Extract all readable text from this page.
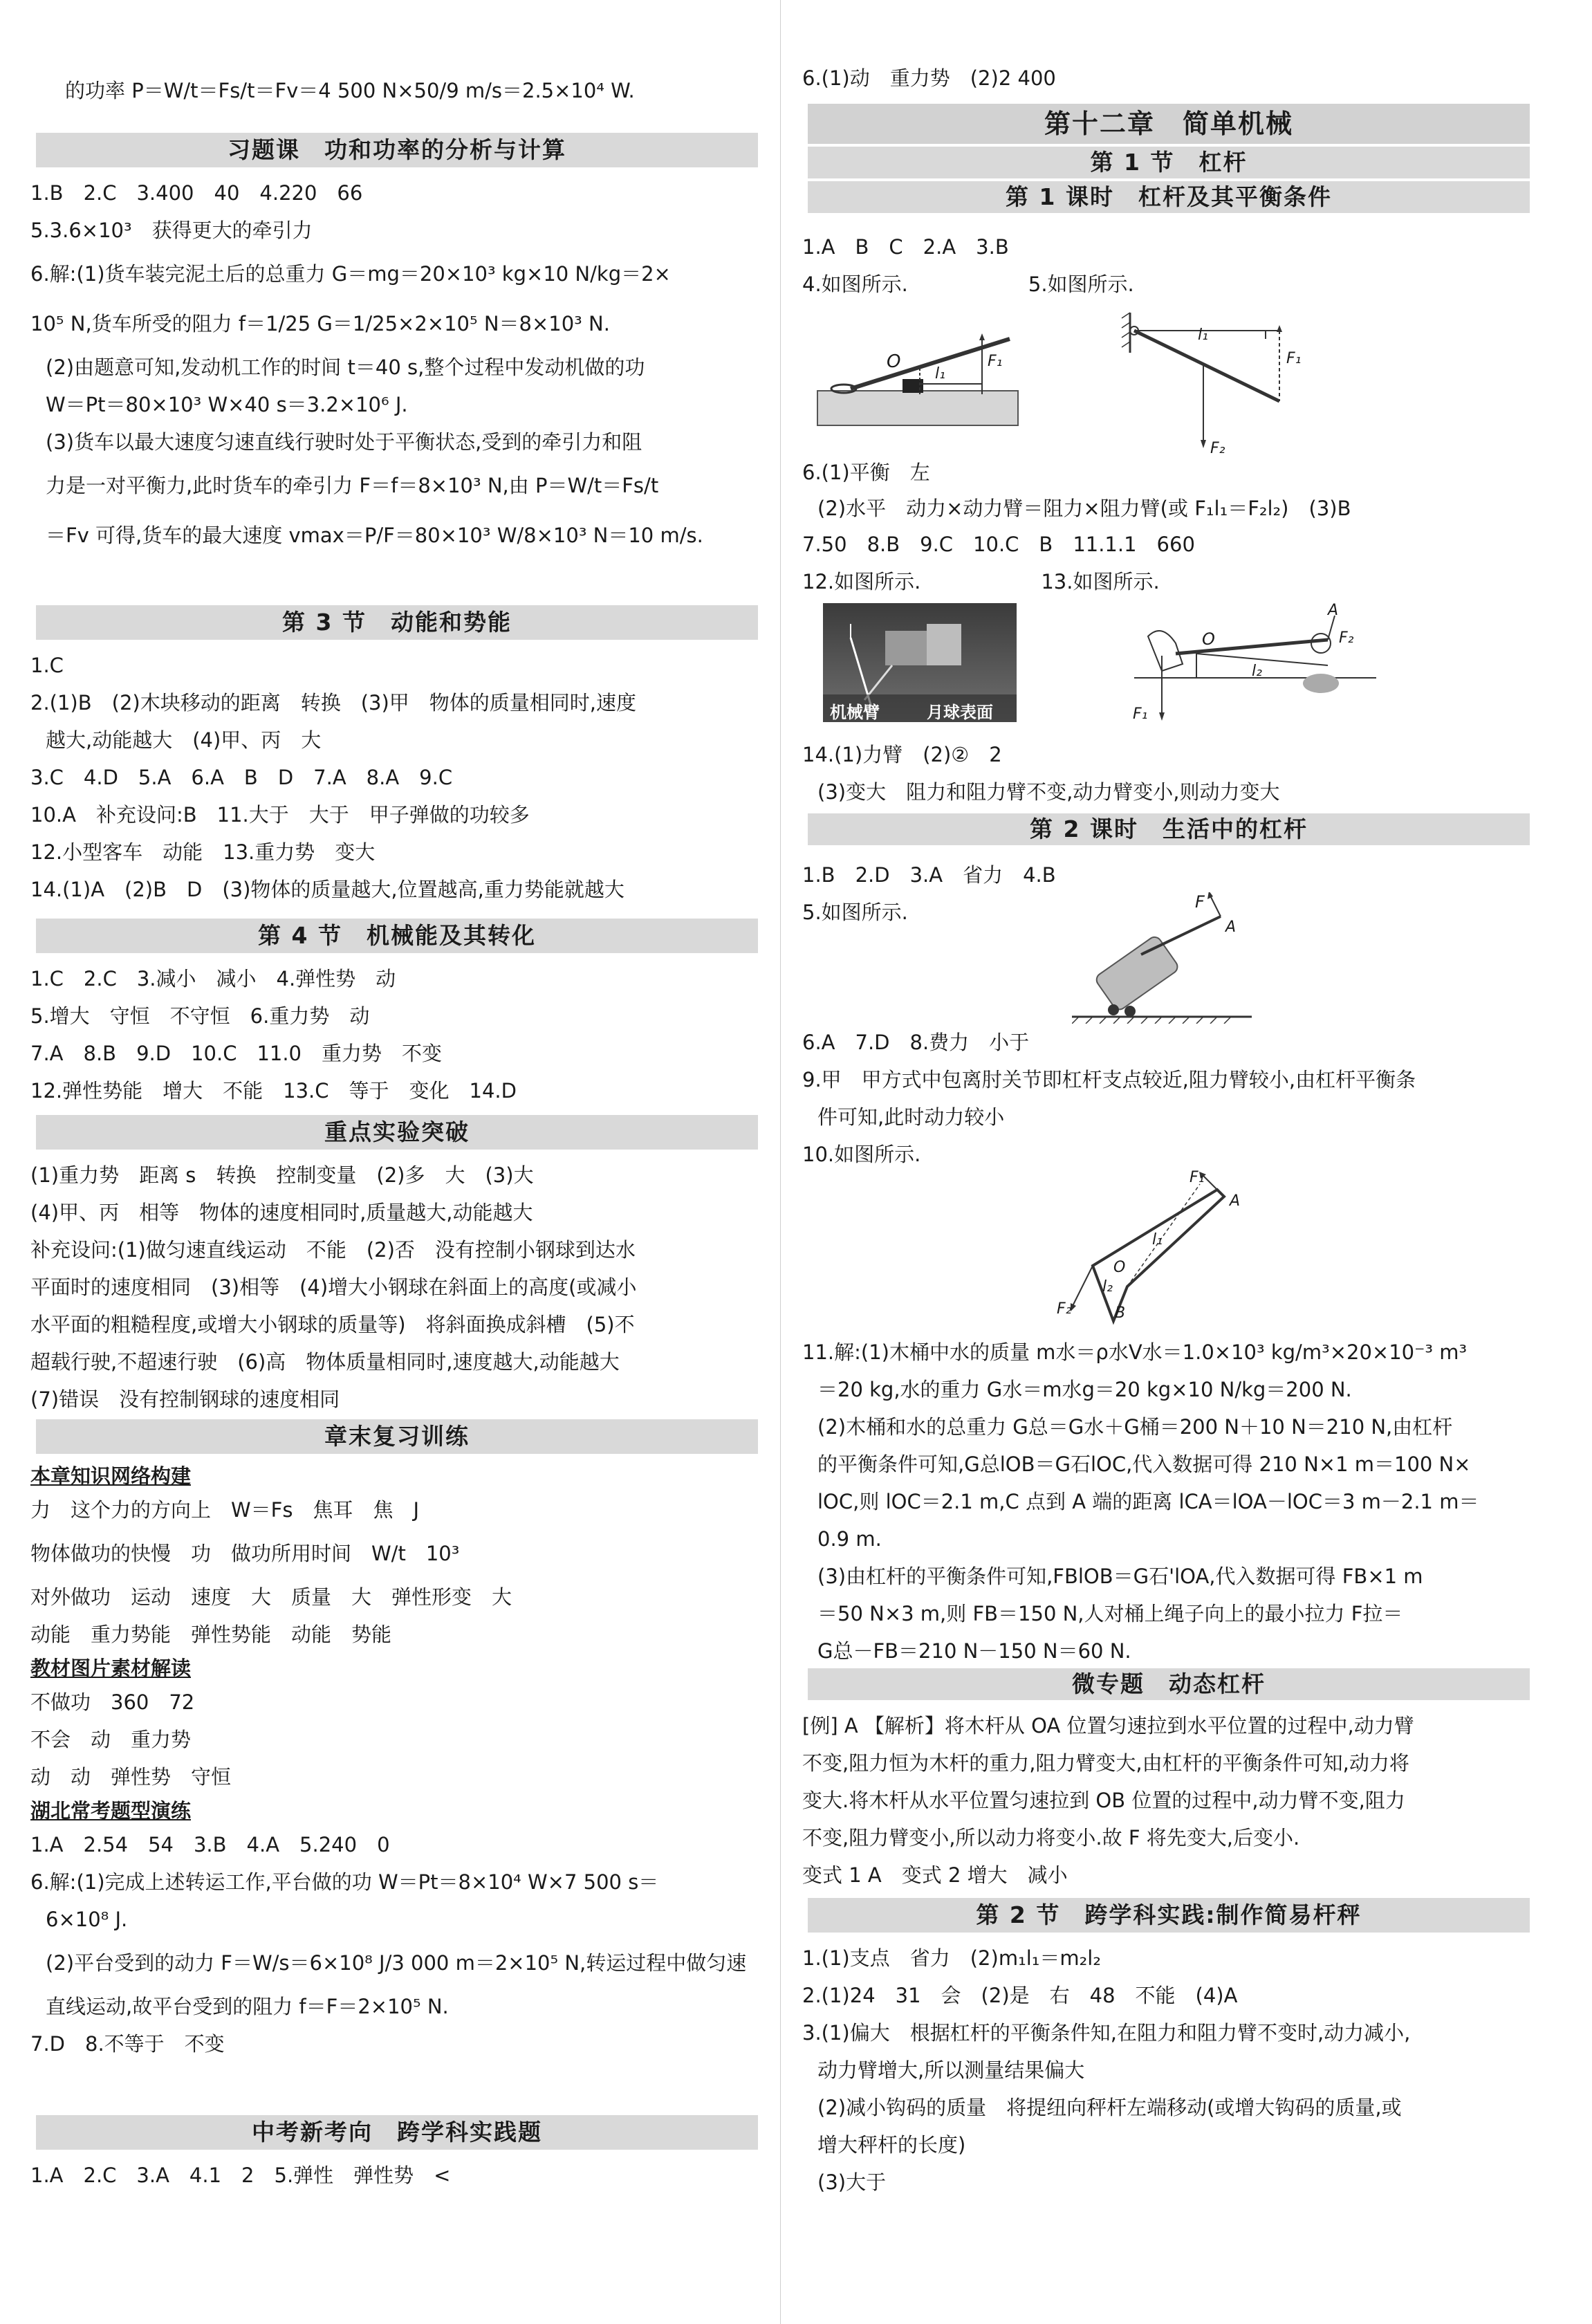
的功率 P＝W/t＝Fs/t＝Fv＝4 500 N×50/9 m/s＝2.5×10⁴ W.
习题课　功和功率的分析与计算
1.B　2.C　3.400　40　4.220　66
5.3.6×10³　获得更大的牵引力
6.解:(1)货车装完泥土后的总重力 G＝mg＝20×10³ kg×10 N/kg＝2×
10⁵ N,货车所受的阻力 f＝1/25 G＝1/25×2×10⁵ N＝8×10³ N.
(2)由题意可知,发动机工作的时间 t＝40 s,整个过程中发动机做的功
W＝Pt＝80×10³ W×40 s＝3.2×10⁶ J.
(3)货车以最大速度匀速直线行驶时处于平衡状态,受到的牵引力和阻
力是一对平衡力,此时货车的牵引力 F＝f＝8×10³ N,由 P＝W/t＝Fs/t
＝Fv 可得,货车的最大速度 vmax＝P/F＝80×10³ W/8×10³ N＝10 m/s.
第 3 节　动能和势能
1.C
2.(1)B　(2)木块移动的距离　转换　(3)甲　物体的质量相同时,速度
越大,动能越大　(4)甲、丙　大
3.C　4.D　5.A　6.A　B　D　7.A　8.A　9.C
10.A　补充设问:B　11.大于　大于　甲子弹做的功较多
12.小型客车　动能　13.重力势　变大
14.(1)A　(2)B　D　(3)物体的质量越大,位置越高,重力势能就越大
第 4 节　机械能及其转化
1.C　2.C　3.减小　减小　4.弹性势　动
5.增大　守恒　不守恒　6.重力势　动
7.A　8.B　9.D　10.C　11.0　重力势　不变
12.弹性势能　增大　不能　13.C　等于　变化　14.D
重点实验突破
(1)重力势　距离 s　转换　控制变量　(2)多　大　(3)大
(4)甲、丙　相等　物体的速度相同时,质量越大,动能越大
补充设问:(1)做匀速直线运动　不能　(2)否　没有控制小钢球到达水
平面时的速度相同　(3)相等　(4)增大小钢球在斜面上的高度(或减小
水平面的粗糙程度,或增大小钢球的质量等)　将斜面换成斜槽　(5)不
超载行驶,不超速行驶　(6)高　物体质量相同时,速度越大,动能越大
(7)错误　没有控制钢球的速度相同
章末复习训练
本章知识网络构建
力　这个力的方向上　W＝Fs　焦耳　焦　J
物体做功的快慢　功　做功所用时间　W/t　10³
对外做功　运动　速度　大　质量　大　弹性形变　大
动能　重力势能　弹性势能　动能　势能
教材图片素材解读
不做功　360　72
不会　动　重力势
动　动　弹性势　守恒
湖北常考题型演练
1.A　2.54　54　3.B　4.A　5.240　0
6.解:(1)完成上述转运工作,平台做的功 W＝Pt＝8×10⁴ W×7 500 s＝
6×10⁸ J.
(2)平台受到的动力 F＝W/s＝6×10⁸ J/3 000 m＝2×10⁵ N,转运过程中做匀速
直线运动,故平台受到的阻力 f＝F＝2×10⁵ N.
7.D　8.不等于　不变
中考新考向　跨学科实践题
1.A　2.C　3.A　4.1　2　5.弹性　弹性势　<
6.(1)动　重力势　(2)2 400
第十二章　简单机械
第 1 节　杠杆
第 1 课时　杠杆及其平衡条件
1.A　B　C　2.A　3.B
4.如图所示.　　　　　　5.如图所示.
O
l₁
F₁
l₁
F₁
F₂
6.(1)平衡　左
(2)水平　动力×动力臂＝阻力×阻力臂(或 F₁l₁＝F₂l₂)　(3)B
7.50　8.B　9.C　10.C　B　11.1.1　660
12.如图所示.　　　　　　13.如图所示.
机械臂	月球表面
O
l₂
A
F₂
F₁
14.(1)力臂　(2)②　2
(3)变大　阻力和阻力臂不变,动力臂变小,则动力变大
第 2 课时　生活中的杠杆
1.B　2.D　3.A　省力　4.B
5.如图所示.	F
A
6.A　7.D　8.费力　小于
9.甲　甲方式中包离肘关节即杠杆支点较近,阻力臂较小,由杠杆平衡条
件可知,此时动力较小
10.如图所示.
F₁
A
l₁
O
l₂
F₂	B
11.解:(1)木桶中水的质量 m水＝ρ水V水＝1.0×10³ kg/m³×20×10⁻³ m³
＝20 kg,水的重力 G水＝m水g＝20 kg×10 N/kg＝200 N.
(2)木桶和水的总重力 G总＝G水＋G桶＝200 N＋10 N＝210 N,由杠杆
的平衡条件可知,G总lOB＝G石lOC,代入数据可得 210 N×1 m＝100 N×
lOC,则 lOC＝2.1 m,C 点到 A 端的距离 lCA＝lOA－lOC＝3 m－2.1 m＝
0.9 m.
(3)由杠杆的平衡条件可知,FBlOB＝G石'lOA,代入数据可得 FB×1 m
＝50 N×3 m,则 FB＝150 N,人对桶上绳子向上的最小拉力 F拉＝
G总－FB＝210 N－150 N＝60 N.
微专题　动态杠杆
[例] A 【解析】将木杆从 OA 位置匀速拉到水平位置的过程中,动力臂
不变,阻力恒为木杆的重力,阻力臂变大,由杠杆的平衡条件可知,动力将
变大.将木杆从水平位置匀速拉到 OB 位置的过程中,动力臂不变,阻力
不变,阻力臂变小,所以动力将变小.故 F 将先变大,后变小.
变式 1 A　变式 2 增大　减小
第 2 节　跨学科实践:制作简易杆秤
1.(1)支点　省力　(2)m₁l₁＝m₂l₂
2.(1)24　31　会　(2)是　右　48　不能　(4)A
3.(1)偏大　根据杠杆的平衡条件知,在阻力和阻力臂不变时,动力减小,
动力臂增大,所以测量结果偏大
(2)减小钩码的质量　将提纽向秤杆左端移动(或增大钩码的质量,或
增大秤杆的长度)
(3)大于
